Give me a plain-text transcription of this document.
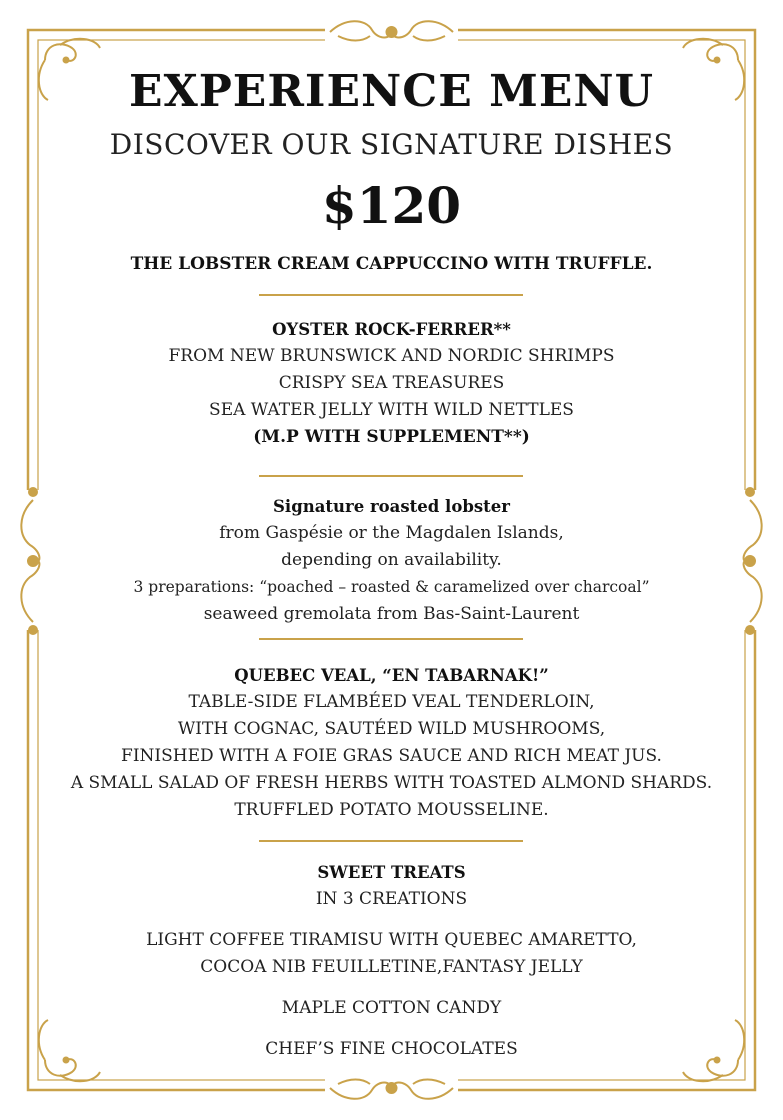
EXPERIENCE MENU
DISCOVER OUR SIGNATURE DISHES
$120
THE LOBSTER CREAM CAPPUCCINO WITH TRUFFLE.
OYSTER ROCK-FERRER**
FROM NEW BRUNSWICK AND NORDIC SHRIMPS
CRISPY SEA TREASURES
SEA WATER JELLY WITH WILD NETTLES
(M.P WITH SUPPLEMENT**)
Signature roasted lobster
from Gaspésie or the Magdalen Islands,
depending on availability.
3 preparations: “poached – roasted & caramelized over charcoal”
seaweed gremolata from Bas-Saint-Laurent
QUEBEC VEAL, “EN TABARNAK!”
TABLE-SIDE FLAMBÉED VEAL TENDERLOIN,
WITH COGNAC, SAUTÉED WILD MUSHROOMS,
FINISHED WITH A FOIE GRAS SAUCE AND RICH MEAT JUS.
A SMALL SALAD OF FRESH HERBS WITH TOASTED ALMOND SHARDS.
TRUFFLED POTATO MOUSSELINE.
SWEET TREATS
IN 3 CREATIONS
LIGHT COFFEE TIRAMISU WITH QUEBEC AMARETTO,
COCOA NIB FEUILLETINE,FANTASY JELLY
MAPLE COTTON CANDY
CHEF’S FINE CHOCOLATES
